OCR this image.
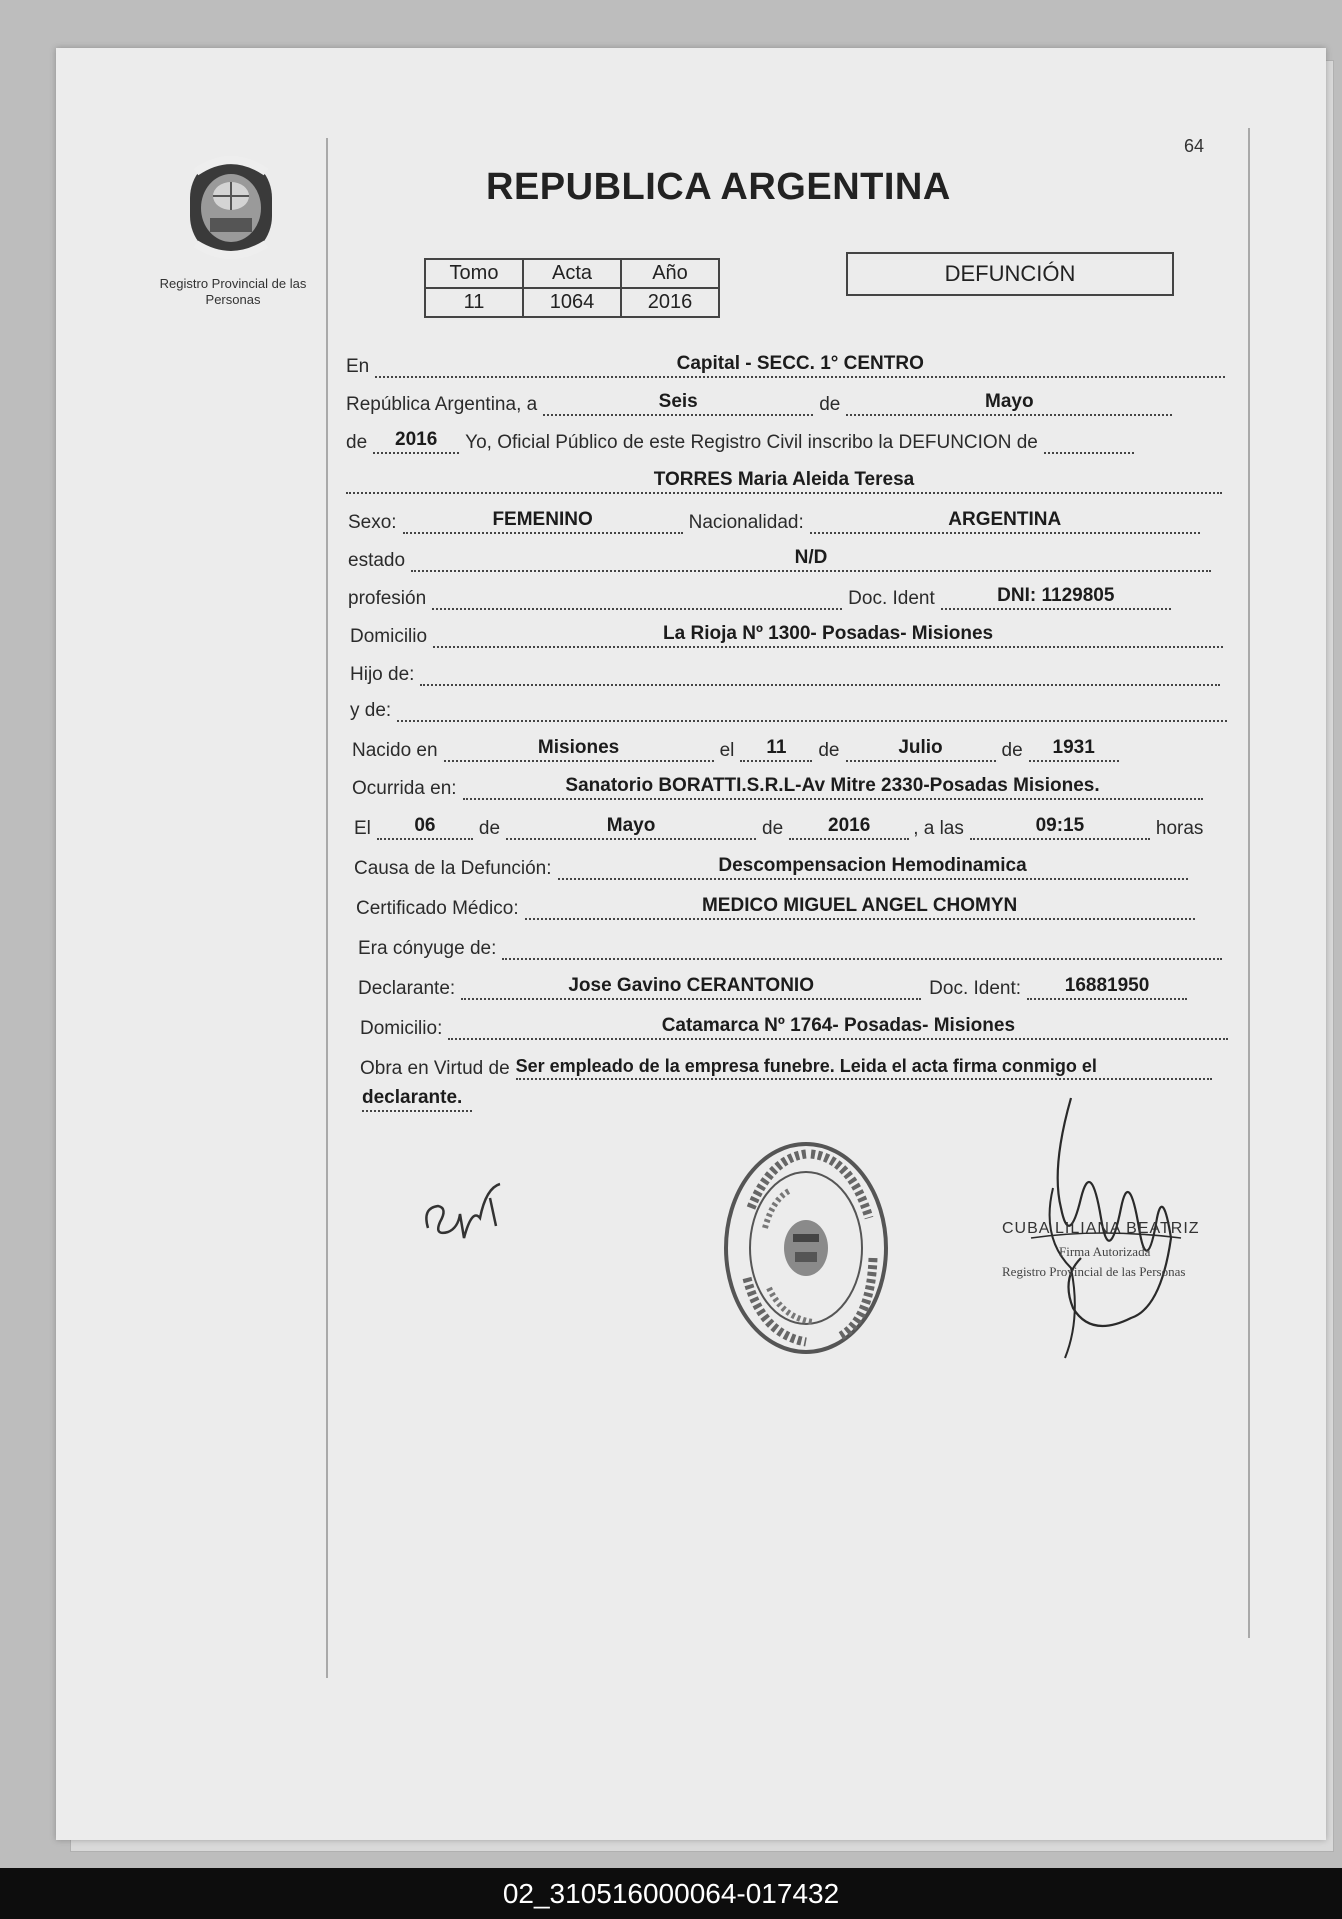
64
Registro Provincial de las Personas
REPUBLICA ARGENTINA
Tomo	Acta	Año
11	1064	2016
DEFUNCIÓN
En	Capital - SECC. 1° CENTRO
República Argentina, a	Seis	de	Mayo
de	2016	Yo, Oficial Público de este Registro Civil inscribo la DEFUNCION de
TORRES Maria Aleida Teresa
Sexo:	FEMENINO	Nacionalidad:	ARGENTINA
estado	N/D
profesión	Doc. Ident	DNI: 1129805
Domicilio	La Rioja Nº 1300- Posadas- Misiones
Hijo de:
y de:
Nacido en	Misiones	el	11	de	Julio	de	1931
Ocurrida en:	Sanatorio BORATTI.S.R.L-Av Mitre 2330-Posadas Misiones.
El	06	de	Mayo	de	2016	, a las	09:15	horas
Causa de la Defunción:	Descompensacion Hemodinamica
Certificado Médico:	MEDICO MIGUEL ANGEL CHOMYN
Era cónyuge de:
Declarante:	Jose Gavino CERANTONIO	Doc. Ident:	16881950
Domicilio:	Catamarca Nº 1764- Posadas- Misiones
Obra en Virtud de Ser empleado de la empresa funebre. Leida el acta firma conmigo el
declarante.
CUBA LILIANA BEATRIZ
Firma Autorizada
Registro Provincial de las Personas
02_310516000064-017432
